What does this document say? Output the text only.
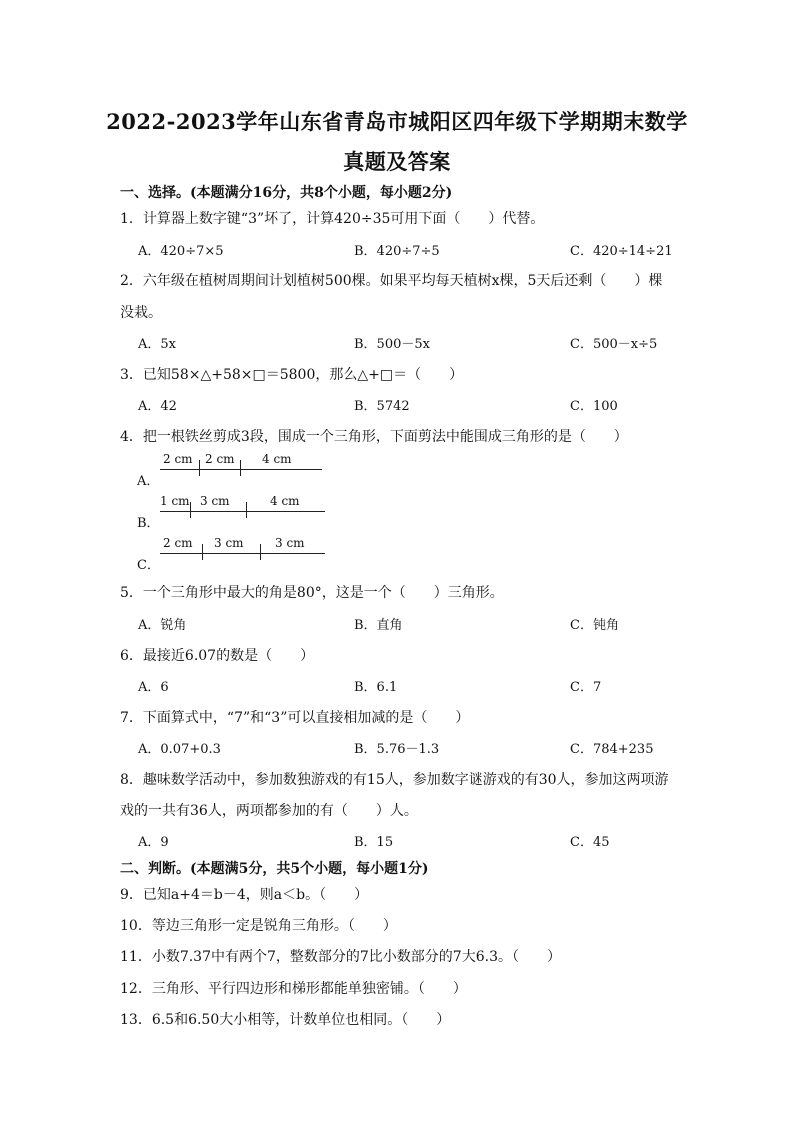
2022-2023学年山东省青岛市城阳区四年级下学期期末数学
真题及答案
一、选择。(本题满分16分，共8个小题，每小题2分)
1．计算器上数字键“3”坏了，计算420÷35可用下面（　　）代替。
A．420÷7×5	B．420÷7÷5	C．420÷14÷21
2．六年级在植树周期间计划植树500棵。如果平均每天植树x棵，5天后还剩（　　）棵
没栽。
A．5x	B．500－5x	C．500－x÷5
3．已知58×△+58×□＝5800，那么△+□＝（　　）
A．42	B．5742	C．100
4．把一根铁丝剪成3段，围成一个三角形，下面剪法中能围成三角形的是（　　）
A．
2 cm 2 cm 4 cm
B．
1 cm 3 cm	4 cm
C．
2 cm 3 cm	3 cm
5．一个三角形中最大的角是80°，这是一个（　　）三角形。
A．锐角	B．直角	C．钝角
6．最接近6.07的数是（　　）
A．6	B．6.1	C．7
7．下面算式中，“7”和“3”可以直接相加减的是（　　）
A．0.07+0.3	B．5.76－1.3	C．784+235
8．趣味数学活动中，参加数独游戏的有15人，参加数字谜游戏的有30人，参加这两项游
戏的一共有36人，两项都参加的有（　　）人。
A．9	B．15	C．45
二、判断。(本题满5分，共5个小题，每小题1分)
9．已知a+4＝b－4，则a＜b。（　　）
10．等边三角形一定是锐角三角形。（　　）
11．小数7.37中有两个7，整数部分的7比小数部分的7大6.3。（　　）
12．三角形、平行四边形和梯形都能单独密铺。（　　）
13．6.5和6.50大小相等，计数单位也相同。（　　）
